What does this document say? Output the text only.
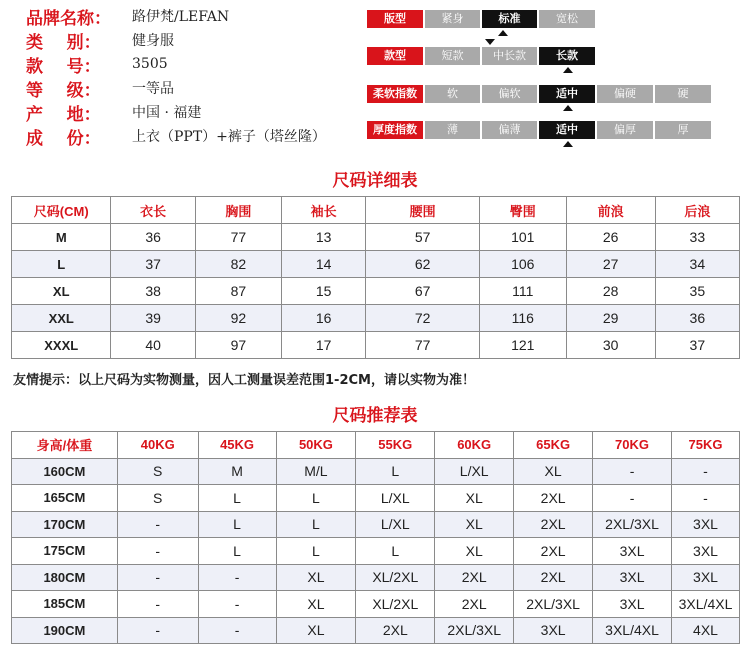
品牌名称：	路伊梵/LEFAN
类    别：	健身服
款    号：	3505
等    级：	一等品
产    地：	中国 · 福建
成    份：	上衣（PPT）+裤子（塔丝隆）
版型	紧身	标准	宽松
款型	短款	中长款	长款
柔软指数	软	偏软	适中	偏硬	硬
厚度指数	薄	偏薄	适中	偏厚	厚
尺码详细表
尺码(CM)	衣长	胸围	袖长	腰围	臀围	前浪	后浪
M	36	77	13	57	101	26	33
L	37	82	14	62	106	27	34
XL	38	87	15	67	111	28	35
XXL	39	92	16	72	116	29	36
XXXL	40	97	17	77	121	30	37
友情提示：以上尺码为实物测量，因人工测量误差范围1-2CM，请以实物为准！
尺码推荐表
身高/体重	40KG	45KG	50KG	55KG	60KG	65KG	70KG	75KG
160CM	S	M	M/L	L	L/XL	XL	-	-
165CM	S	L	L	L/XL	XL	2XL	-	-
170CM	-	L	L	L/XL	XL	2XL	2XL/3XL	3XL
175CM	-	L	L	L	XL	2XL	3XL	3XL
180CM	-	-	XL	XL/2XL	2XL	2XL	3XL	3XL
185CM	-	-	XL	XL/2XL	2XL	2XL/3XL	3XL	3XL/4XL
190CM	-	-	XL	2XL	2XL/3XL	3XL	3XL/4XL	4XL
